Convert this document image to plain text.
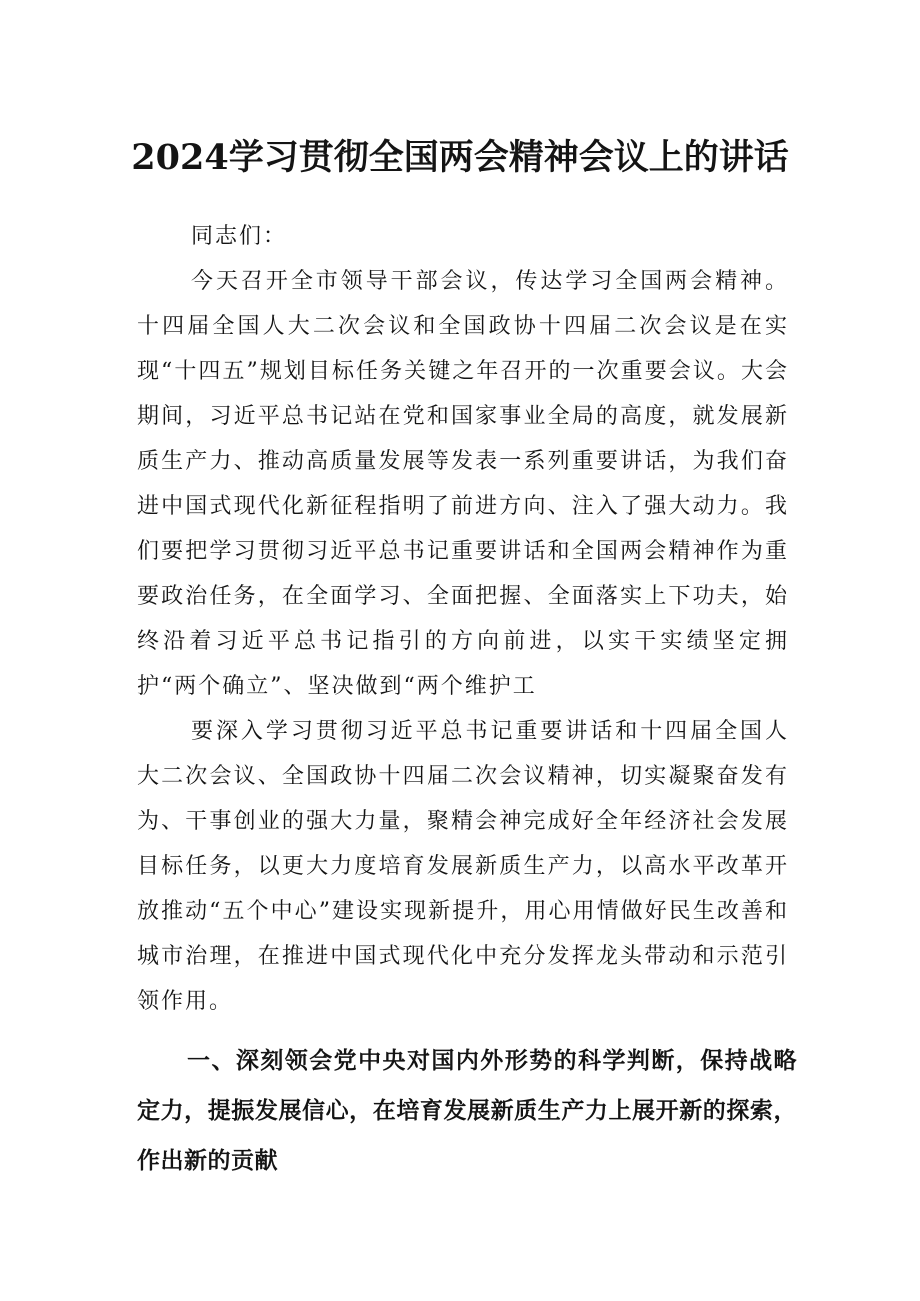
2024学习贯彻全国两会精神会议上的讲话

同志们：

今天召开全市领导干部会议，传达学习全国两会精神。十四届全国人大二次会议和全国政协十四届二次会议是在实现“十四五”规划目标任务关键之年召开的一次重要会议。大会期间，习近平总书记站在党和国家事业全局的高度，就发展新质生产力、推动高质量发展等发表一系列重要讲话，为我们奋进中国式现代化新征程指明了前进方向、注入了强大动力。我们要把学习贯彻习近平总书记重要讲话和全国两会精神作为重要政治任务，在全面学习、全面把握、全面落实上下功夫，始终沿着习近平总书记指引的方向前进，以实干实绩坚定拥护“两个确立”、坚决做到“两个维护工

要深入学习贯彻习近平总书记重要讲话和十四届全国人大二次会议、全国政协十四届二次会议精神，切实凝聚奋发有为、干事创业的强大力量，聚精会神完成好全年经济社会发展目标任务，以更大力度培育发展新质生产力，以高水平改革开放推动“五个中心”建设实现新提升，用心用情做好民生改善和城市治理，在推进中国式现代化中充分发挥龙头带动和示范引领作用。

一、深刻领会党中央对国内外形势的科学判断，保持战略定力，提振发展信心，在培育发展新质生产力上展开新的探索，作出新的贡献
